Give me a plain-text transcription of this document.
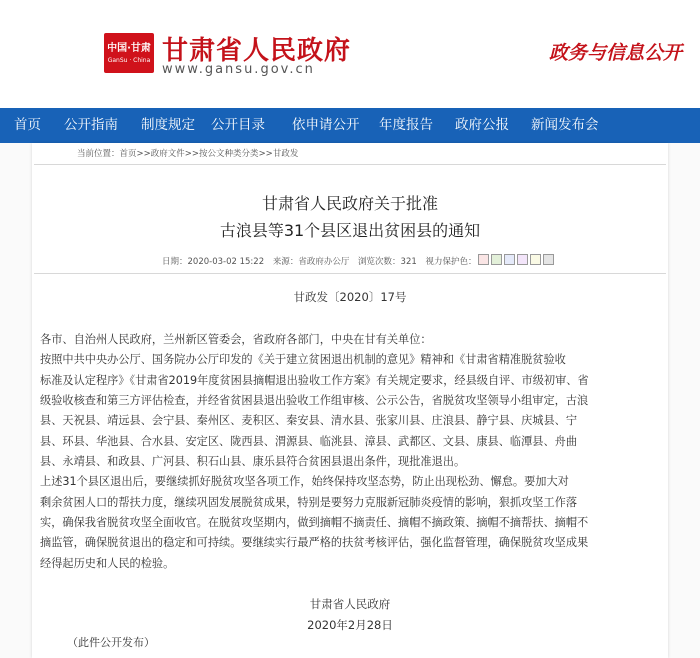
中国·甘肃
GanSu · China 甘肃省人民政府
www.gansu.gov.cn
政务与信息公开
首页 公开指南 制度规定 公开目录 依申请公开 年度报告 政府公报 新闻发布会
当前位置：首页>>政府文件>>按公文种类分类>>甘政发
甘肃省人民政府关于批准
古浪县等31个县区退出贫困县的通知
日期：2020-03-02 15:22 来源：省政府办公厅 浏览次数：321 视力保护色：
甘政发〔2020〕17号
各市、自治州人民政府，兰州新区管委会，省政府各部门，中央在甘有关单位：
按照中共中央办公厅、国务院办公厅印发的《关于建立贫困退出机制的意见》精神和《甘肃省精准脱贫验收
标准及认定程序》《甘肃省2019年度贫困县摘帽退出验收工作方案》有关规定要求，经县级自评、市级初审、省
级验收核查和第三方评估检查，并经省贫困县退出验收工作组审核、公示公告，省脱贫攻坚领导小组审定，古浪
县、天祝县、靖远县、会宁县、秦州区、麦积区、秦安县、清水县、张家川县、庄浪县、静宁县、庆城县、宁
县、环县、华池县、合水县、安定区、陇西县、渭源县、临洮县、漳县、武都区、文县、康县、临潭县、舟曲
县、永靖县、和政县、广河县、积石山县、康乐县符合贫困县退出条件，现批准退出。
上述31个县区退出后，要继续抓好脱贫攻坚各项工作，始终保持攻坚态势，防止出现松劲、懈怠。要加大对
剩余贫困人口的帮扶力度，继续巩固发展脱贫成果，特别是要努力克服新冠肺炎疫情的影响，狠抓攻坚工作落
实，确保我省脱贫攻坚全面收官。在脱贫攻坚期内，做到摘帽不摘责任、摘帽不摘政策、摘帽不摘帮扶、摘帽不
摘监管，确保脱贫退出的稳定和可持续。要继续实行最严格的扶贫考核评估，强化监督管理，确保脱贫攻坚成果
经得起历史和人民的检验。
甘肃省人民政府
2020年2月28日
（此件公开发布）
